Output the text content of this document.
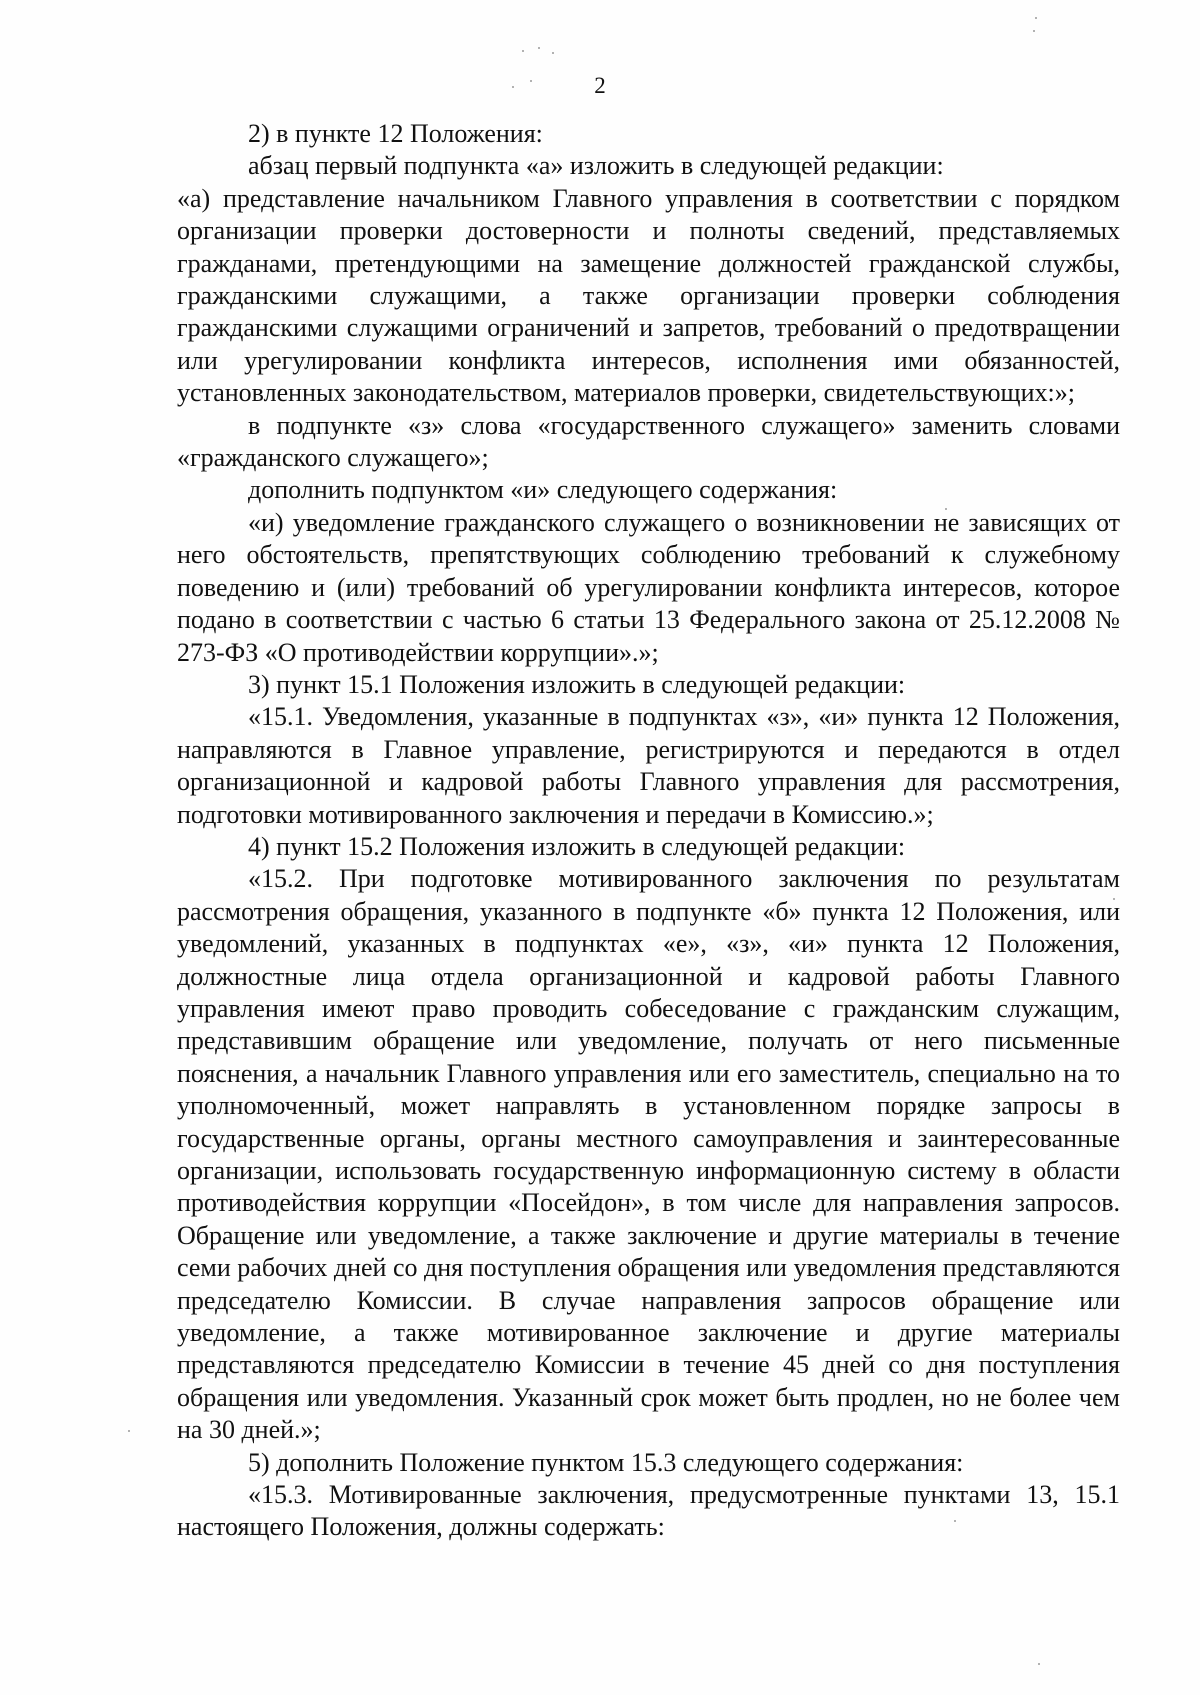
2

2) в пункте 12 Положения:

абзац первый подпункта «а» изложить в следующей редакции:

«а) представление начальником Главного управления в соответствии с порядком организации проверки достоверности и полноты сведений, представляемых гражданами, претендующими на замещение должностей гражданской службы, гражданскими служащими, а также организации проверки соблюдения гражданскими служащими ограничений и запретов, требований о предотвращении или урегулировании конфликта интересов, исполнения ими обязанностей, установленных законодательством, материалов проверки, свидетельствующих:»;

в подпункте «з» слова «государственного служащего» заменить словами «гражданского служащего»;

дополнить подпунктом «и» следующего содержания:

«и) уведомление гражданского служащего о возникновении не зависящих от него обстоятельств, препятствующих соблюдению требований к служебному поведению и (или) требований об урегулировании конфликта интересов, которое подано в соответствии с частью 6 статьи 13 Федерального закона от 25.12.2008 № 273-ФЗ «О противодействии коррупции».»;

3) пункт 15.1 Положения изложить в следующей редакции:

«15.1. Уведомления, указанные в подпунктах «з», «и» пункта 12 Положения, направляются в Главное управление, регистрируются и передаются в отдел организационной и кадровой работы Главного управления для рассмотрения, подготовки мотивированного заключения и передачи в Комиссию.»;

4) пункт 15.2 Положения изложить в следующей редакции:

«15.2. При подготовке мотивированного заключения по результатам рассмотрения обращения, указанного в подпункте «б» пункта 12 Положения, или уведомлений, указанных в подпунктах «е», «з», «и» пункта 12 Положения, должностные лица отдела организационной и кадровой работы Главного управления имеют право проводить собеседование с гражданским служащим, представившим обращение или уведомление, получать от него письменные пояснения, а начальник Главного управления или его заместитель, специально на то уполномоченный, может направлять в установленном порядке запросы в государственные органы, органы местного самоуправления и заинтересованные организации, использовать государственную информационную систему в области противодействия коррупции «Посейдон», в том числе для направления запросов. Обращение или уведомление, а также заключение и другие материалы в течение семи рабочих дней со дня поступления обращения или уведомления представляются председателю Комиссии. В случае направления запросов обращение или уведомление, а также мотивированное заключение и другие материалы представляются председателю Комиссии в течение 45 дней со дня поступления обращения или уведомления. Указанный срок может быть продлен, но не более чем на 30 дней.»;

5) дополнить Положение пунктом 15.3 следующего содержания:

«15.3. Мотивированные заключения, предусмотренные пунктами 13, 15.1 настоящего Положения, должны содержать:
